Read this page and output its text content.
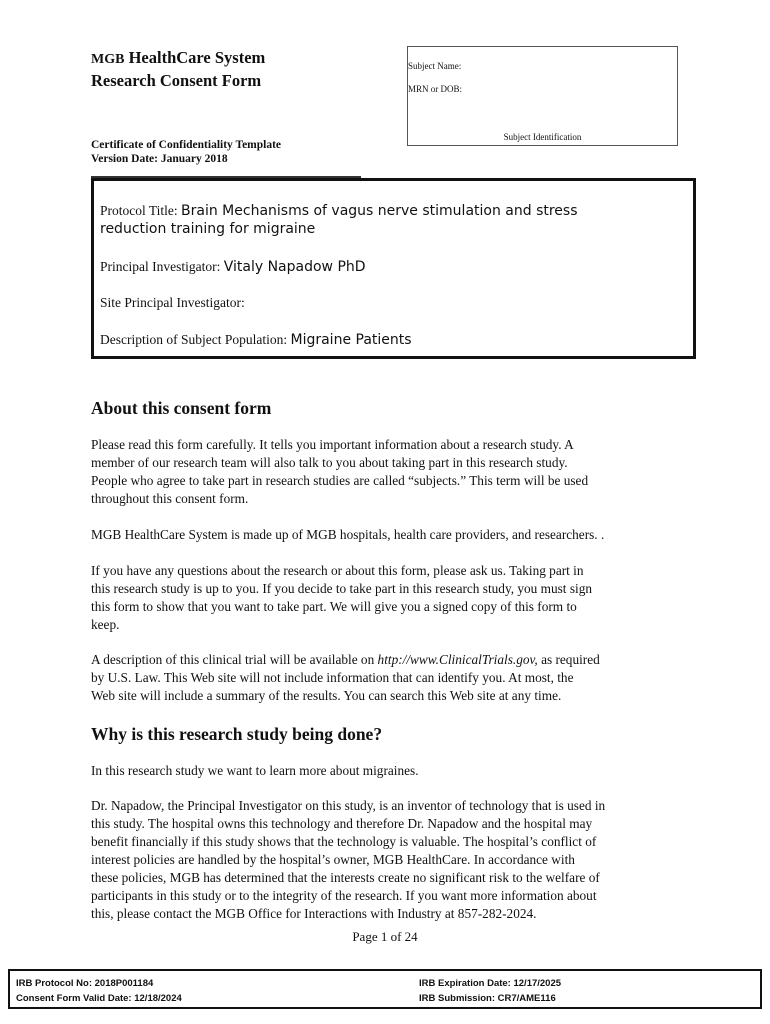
MGB HealthCare System
Research Consent Form
Certificate of Confidentiality Template
Version Date: January 2018
Subject Name:
MRN or DOB:
Subject Identification
Protocol Title: Brain Mechanisms of vagus nerve stimulation and stress
reduction training for migraine
Principal Investigator: Vitaly Napadow PhD
Site Principal Investigator:
Description of Subject Population: Migraine Patients
About this consent form
Please read this form carefully. It tells you important information about a research study. A
member of our research team will also talk to you about taking part in this research study.
People who agree to take part in research studies are called “subjects.” This term will be used
throughout this consent form.
MGB HealthCare System is made up of MGB hospitals, health care providers, and researchers. .
If you have any questions about the research or about this form, please ask us. Taking part in
this research study is up to you. If you decide to take part in this research study, you must sign
this form to show that you want to take part. We will give you a signed copy of this form to
keep.
A description of this clinical trial will be available on http://www.ClinicalTrials.gov, as required
by U.S. Law. This Web site will not include information that can identify you. At most, the
Web site will include a summary of the results. You can search this Web site at any time.
Why is this research study being done?
In this research study we want to learn more about migraines.
Dr. Napadow, the Principal Investigator on this study, is an inventor of technology that is used in
this study. The hospital owns this technology and therefore Dr. Napadow and the hospital may
benefit financially if this study shows that the technology is valuable. The hospital’s conflict of
interest policies are handled by the hospital’s owner, MGB HealthCare. In accordance with
these policies, MGB has determined that the interests create no significant risk to the welfare of
participants in this study or to the integrity of the research. If you want more information about
this, please contact the MGB Office for Interactions with Industry at 857-282-2024.
Page 1 of 24
IRB Protocol No: 2018P001184
Consent Form Valid Date: 12/18/2024
IRB Expiration Date: 12/17/2025
IRB Submission: CR7/AME116
